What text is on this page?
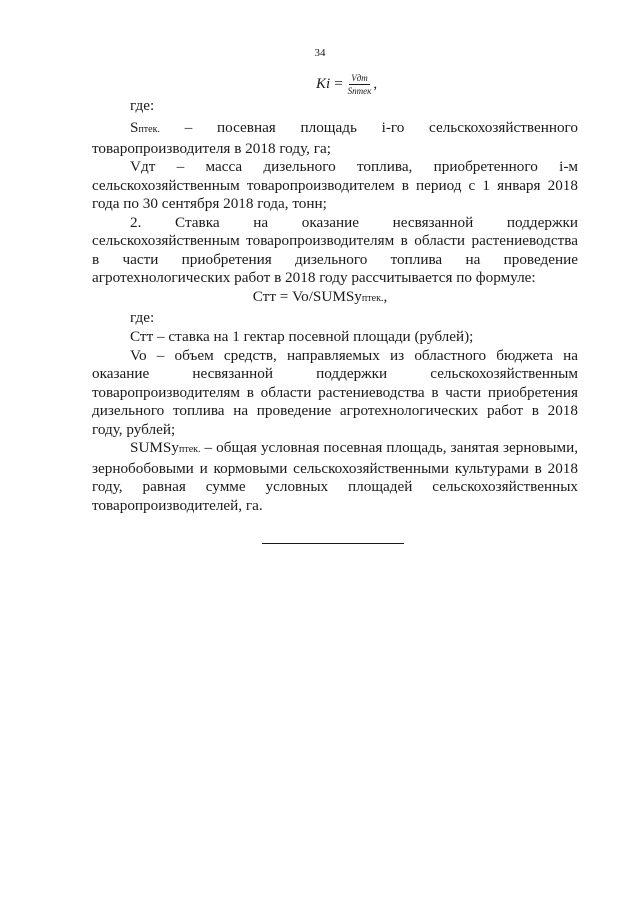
34
$Ki = \frac{\text{Vдт}}{\text{Sптек}}$ ,

где:

Sптек. – посевная площадь i-го сельскохозяйственного товаропроизводителя в 2018 году, га;

Vдт – масса дизельного топлива, приобретенного i-м сельскохозяйственным товаропроизводителем в период с 1 января 2018 года по 30 сентября 2018 года, тонн;

2. Ставка на оказание несвязанной поддержки сельскохозяйственным товаропроизводителям в области растениеводства в части приобретения дизельного топлива на проведение агротехнологических работ в 2018 году рассчитывается по формуле:

Стт = Vo/SUMSуптек.,

где:

Стт – ставка на 1 гектар посевной площади (рублей);

Vo – объем средств, направляемых из областного бюджета на оказание несвязанной поддержки сельскохозяйственным товаропроизводителям в области растениеводства в части приобретения дизельного топлива на проведение агротехнологических работ в 2018 году, рублей;

SUMSуптек. – общая условная посевная площадь, занятая зерновыми, зернобобовыми и кормовыми сельскохозяйственными культурами в 2018 году, равная сумме условных площадей сельскохозяйственных товаропроизводителей, га.
